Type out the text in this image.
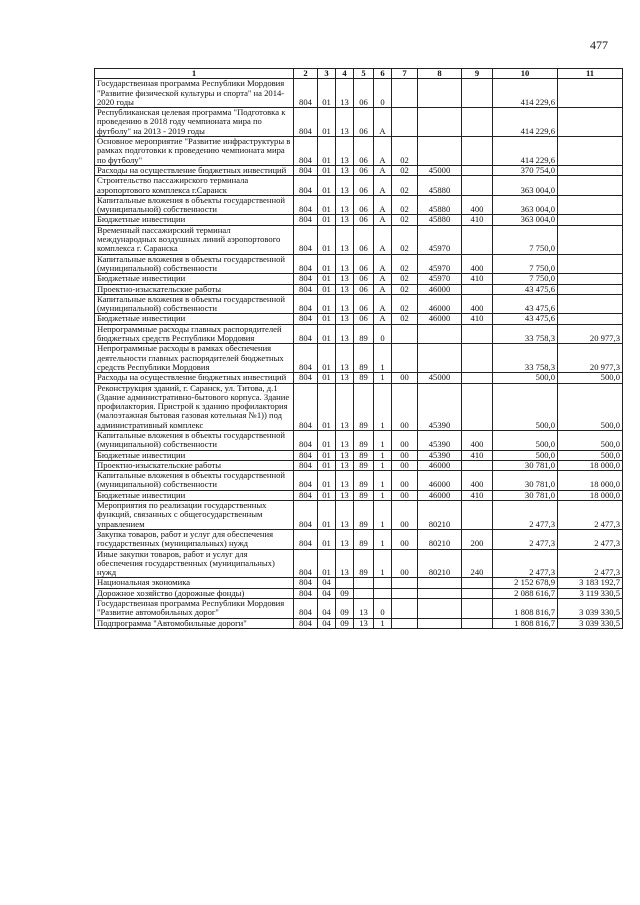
477
1	2	3	4	5	6	7	8	9	10	11
Государственная программа Республики Мордовия "Развитие физической культуры и спорта" на 2014-2020 годы	804	01	13	06	0				414 229,6	
Республиканская целевая программа "Подготовка к проведению в 2018 году чемпионата мира по футболу" на 2013 - 2019 годы	804	01	13	06	А				414 229,6	
Основное мероприятие "Развитие инфраструктуры в рамках подготовки к проведению чемпионата мира по футболу"	804	01	13	06	А	02			414 229,6	
Расходы на осуществление бюджетных инвестиций	804	01	13	06	А	02	45000		370 754,0	
Строительство пассажирского терминала аэропортового комплекса г.Саранск	804	01	13	06	А	02	45880		363 004,0	
Капитальные вложения в объекты государственной (муниципальной) собственности	804	01	13	06	А	02	45880	400	363 004,0	
Бюджетные инвестиции	804	01	13	06	А	02	45880	410	363 004,0	
Временный пассажирский терминал международных воздушных линий аэропортового комплекса г. Саранска	804	01	13	06	А	02	45970		7 750,0	
Капитальные вложения в объекты государственной (муниципальной) собственности	804	01	13	06	А	02	45970	400	7 750,0	
Бюджетные инвестиции	804	01	13	06	А	02	45970	410	7 750,0	
Проектно-изыскательские работы	804	01	13	06	А	02	46000		43 475,6	
Капитальные вложения в объекты государственной (муниципальной) собственности	804	01	13	06	А	02	46000	400	43 475,6	
Бюджетные инвестиции	804	01	13	06	А	02	46000	410	43 475,6	
Непрограммные расходы главных распорядителей бюджетных средств Республики Мордовия	804	01	13	89	0				33 758,3	20 977,3
Непрограммные расходы в рамках обеспечения деятельности главных распорядителей бюджетных средств Республики Мордовия	804	01	13	89	1				33 758,3	20 977,3
Расходы на осуществление бюджетных инвестиций	804	01	13	89	1	00	45000		500,0	500,0
Реконструкция зданий, г. Саранск, ул. Титова, д.1 (Здание административно-бытового корпуса. Здание профилактория. Пристрой к зданию профилактория (малоэтажная бытовая газовая котельная №1)) под административный комплекс	804	01	13	89	1	00	45390		500,0	500,0
Капитальные вложения в объекты государственной (муниципальной) собственности	804	01	13	89	1	00	45390	400	500,0	500,0
Бюджетные инвестиции	804	01	13	89	1	00	45390	410	500,0	500,0
Проектно-изыскательские работы	804	01	13	89	1	00	46000		30 781,0	18 000,0
Капитальные вложения в объекты государственной (муниципальной) собственности	804	01	13	89	1	00	46000	400	30 781,0	18 000,0
Бюджетные инвестиции	804	01	13	89	1	00	46000	410	30 781,0	18 000,0
Мероприятия по реализации государственных функций, связанных с общегосударственным управлением	804	01	13	89	1	00	80210		2 477,3	2 477,3
Закупка товаров, работ и услуг для обеспечения государственных (муниципальных) нужд	804	01	13	89	1	00	80210	200	2 477,3	2 477,3
Иные закупки товаров, работ и услуг для обеспечения государственных (муниципальных) нужд	804	01	13	89	1	00	80210	240	2 477,3	2 477,3
Национальная экономика	804	04							2 152 678,9	3 183 192,7
Дорожное хозяйство (дорожные фонды)	804	04	09						2 088 616,7	3 119 330,5
Государственная программа Республики Мордовия "Развитие автомобильных дорог"	804	04	09	13	0				1 808 816,7	3 039 330,5
Подпрограмма "Автомобильные дороги"	804	04	09	13	1				1 808 816,7	3 039 330,5
